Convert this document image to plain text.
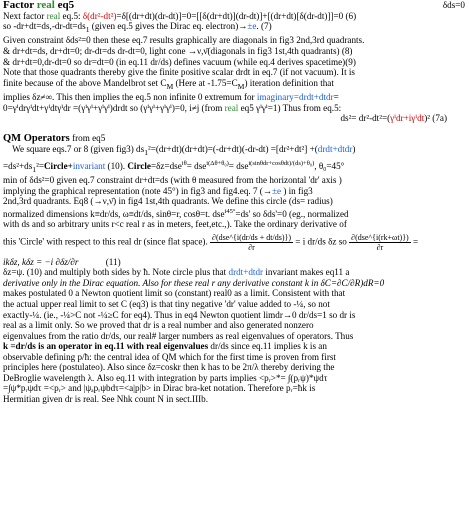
Factor real eq5	δds=0

Next factor real eq.5: δ(dr²-dt²)=δ[(dr+dt)(dr-dt)]=0=[[δ(dr+dt)](dr-dt)]+[(dr+dt)[δ(dr-dt)]]=0 (6)

so $-dr+dt=ds,-dr-dt=ds_1$ (given eq.5 gives the Dirac eq. electron)→±e. (7)

Given constraint δds²=0 then these eq.7 results graphically are diagonals in fig3 2nd,3rd quadrants.

& dr+dt=ds, dr+dt=0; dr-dt=ds dr-dt=0, light cone →ν,ν̄(diagonals in fig3 1st,4th quadrants) (8)

& dr+dt=0,dr-dt=0 so dr=dt=0 (in eq.11 dr/ds) defines vacuum (while eq.4 derives spacetime)(9)

Note that those quadrants thereby give the finite positive scalar drdt in eq.7 (if not vacuum). It is

finite because of the above Mandelbrot set $C_M$ (Here at $-1.75=C_M$) iteration definition that

implies δz≠∞. This then implies the eq.5 non infinite 0 extremum for imaginary=drdt+dtdr=

0=γⁱdrγⁱdt+γⁱdtγⁱdr =(γⁱγⁱ+γⁱγⁱ)drdt so (γⁱγⁱ+γⁱγⁱ)=0, i≠j (from real eq5 γⁱγⁱ=1) Thus from eq.5:

ds²= dr²-dt²=(γⁱdr+iγⁱdt)² (7a)

QM Operators from eq5

We square eqs.7 or 8 (given fig3) $ds_1^2=(dr+dt)(dr+dt)=(-dr+dt)(-dr-dt) =[dr^2+dt^2]$ +(drdt+dtdr)

$=ds^2+ds_1^2=Circle+invariant$ (10). Circle=δz=dse$^{i\theta}$= dse$^{i(\Delta\theta+\theta_0)}$= dse$^{i(sin\theta dr+cos\theta dt)/(ds)+\theta_0)}$, θ₀=45°

min of δds²=0 given eq.7 constraint dr+dt=ds (with θ measured from the horizontal 'dr' axis )

implying the graphical representation (note 45°) in fig3 and fig4.eq. 7 (→±e ) in fig3

2nd,3rd quadrants. Eq8 (→ν,ν̄) in fig4 1st,4th quadrants. We define this circle (ds= radius)

normalized dimensions k≡dr/ds, ω≡dt/ds, sinθ=r, cosθ=t. dse$^{i45^\circ}$=ds' so δds'=0 (eg., normalized

with ds and so arbitrary units r<c real r as in meters, feet,etc.,). Take the ordinary derivative of

this 'Circle' with respect to this real dr (since flat space). $\frac{\text{∂(dse\textasciicircum{}\{i(dr/ds + dt/ds)\})}}{\partial r} = i$ dr/ds δz so $\frac{\text{∂(dse\textasciicircum{}\{i(rk+ωt)\})}}{\partial r}$ =

ikδz, kδz = −i ∂δz/∂r	(11)

δz=ψ. (10) and multiply both sides by ħ. Note circle plus that drdt+dtdr invariant makes eq11 a

derivative only in the Dirac equation. Also for these real r any derivative constant k in δC=∂C/∂R)dR=0

makes postulated 0 a Newton quotient limit so (constant) real0 as a limit. Consistent with that

the actual upper real limit to set C (eq3) is that tiny negative 'dr' value added to -¼, so not

exactly-¼. (ie., -¼>C not -¼≥C for eq4). Thus in eq4 Newton quotient limdr→0 dr/ds=1 so dr is

real as a limit only. So we proved that dr is a real number and also generated nonzero

eigenvalues from the ratio dr/ds, our real# larger numbers as real eigenvalues of operators. Thus

k =dr/ds is an operator in eq.11 with real eigenvalues dr/ds since eq.11 implies k is an

observable defining p/ħ: the central idea of QM which for the first time is proven from first

principles here (postulateo). Also since δz=coskr then k has to be 2π/λ thereby deriving the

DeBroglie wavelength λ. Also eq.11 with integration by parts implies <pᵣ>*= ∫(pᵣψ)*ψdτ

=∫ψ*pᵣψdτ =<pᵣ> and |ψₐpᵣψbdτ=<a|p|b> in Dirac bra-ket notation. Therefore pᵣ=ħk is

Hermitian given dr is real. See Nhk count N in sect.IIIb.
